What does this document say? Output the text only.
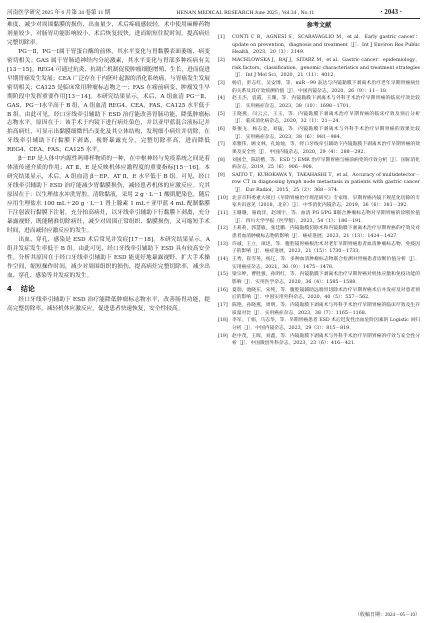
河南医学研究 2025 年 6 月第 34 卷第 11 期	HENAN MEDICAL RESEARCH June 2025 , Vol.34 , No.11	· 2043 ·

难度，减少对周围黏膜的损伤，出血量少，术后疼痛感较轻，术中使用麻醉药物剂量较少，对肠胃功能影响较小，术后恢复较快，进而缩短住院时间，提高病灶完整切除率。

PG－Ⅱ，PG－Ⅰ属于胃蛋白酶的前体，其水平变化与胃黏膜表面萎缩、病变密切相关；GAS 属于胃肠道神经内分泌激素，其水平变化与胃部多种疾病有关[13－15]。REG4 可通过抗炎、抗凋亡机制促使肿瘤细胞增殖、生长，进而促进早期胃癌发生发展；CEA 广泛存在于内胚叶起源的消化系统癌，与胃癌发生发展密切相关；CA125 是临床常用肿瘤标志物之一；FAS 在癌前病变、肿瘤发生早期阶段中发挥重要作用[13－14]。本研究结果显示，术后，A 组血清 PG－Ⅱ、GAS、PG－Ⅰ水平高于 B 组，A 组血清 REG4、CEA、FAS、CA125 水平低于 B 组。由此可见，经口牙线牵引辅助下 ESD 治疗能改善胃肠功能，降低肿瘤标志物水平。原因在于：该手术于内镜下进行病灶染色，并以亚甲蓝混合液标记并拍高病灶，可显示出黏膜细微凹凸变化及其立体结构，发现细小病灶并切除，在牙线牵引辅助下行黏膜下剥离，视野暴露充分，完整切除率高，进而降低 REG4、CEA、FAS、CA125 水平。

β－EP 是人体中内源性吗啡样物质的一种，在中枢神经与免疫系统之间是着体液传递介质的作用；AT Ⅱ、E 是反映机体应激程度的重要指标[15－16]。本研究结果显示，术后，A 组血清 β－EP、AT Ⅱ、E 水平低于 B 组。可见，经口牙线牵引辅助下 ESD 治疗能减少胃黏膜损伤，减轻患者机体的应激反应。究其原因在于：以生理盐水冲洗胃腔，清除黏液，采用 2 g · L－1 酸肌肥染色，随后应用生理盐水 100 mL＋20 g · L－1 肾上腺素 1 mL＋亚甲蓝 4 mL 配制黏膜下注射液行黏膜下注射，充分抬高病灶，以牙线牵引辅助下行黏膜下剥离，充分暴露视野，既能精准切除病灶，减少对周围正常组织、黏膜损伤，又可缩短手术时间，进而减轻应激反应的发生。

出血、穿孔、感染是 ESD 术后常见并发症[17－18]。本研究结果显示，A 组并发症发生率低于 B 组。由此可见，经口牙线牵引辅助下 ESD 具有较高安全性。分析其原因在于经口牙线牵引辅助下 ESD 能更好地暴露视野，扩大手术操作空间，缩短操作时间，减少对周围组织的损伤，提高病灶完整切除率，减少出血、穿孔、感染等并发症的发生。

4 结论

经口牙线牵引辅助下 ESD 治疗能降低肿瘤标志物水平，改善肠胃功能，提高完整切除率，减轻机体应激反应，促进患者快速恢复，安全性较高。

参考文献
[1]	CONTI C B，AGNESI S，SCARAVAGLIO M，et al．Early gastric cancer：update on prevention，diagnosis and treatment［J］．Int J Environ Res Public Health，2023，20（3）：2149．
[2]	MACHLOWSKA J，BAJ J，SITARZ M，et al．Gastric cancer：epidemiology，risk factors，classification，genomic characteristics and treatment strategies［J］．Int J Mol Sci，2020，21（11）：4012．
[3]	杨启，彭志红，吴安博，等．miR－99 表达与内镜黏膜下剥离术治疗老年早期胃癌病灶的关系及其疗效预测价值［J］．中国内镜杂志，2020，26（9）：11－18．
[4]	赵玉杰，袁霞，王珊，等．内镜黏膜下剥离术与外科手术治疗早期胃癌的临床疗效比较［J］．实用癌症杂志，2023，38（10）：1698－1701．
[5]	王晓燕，闫云云，王玉，等．内镜黏膜下剥离术治疗早期胃癌的临床疗效及预后分析［J］．临床消化病杂志，2020，32（1）：21－24．
[6]	蔡俊飞，杨志金，刘猛，等．内镜黏膜下剥离术与外科手术治疗早期胃癌的效果比较［J］．实用癌症杂志，2023，38（6）：981－984．
[7]	邓雅伟，顾文林，孔灿灿，等．经口牙线牵引辅助下内镜黏膜下剥离术治疗早期胃癌的效果及安全性［J］．中国内镜杂志，2020，29（4）：288－292．
[8]	刘国全，陈培楷，等．ESD 与 EMR 治疗早期胃癌与癌前病变的疗效分析［J］．国际消化病杂志，2019，25（6）：906－908．
[9]	SAITO T，KUROKAWA Y，TAKAHASHI T，et al．Accuracy of multidetector－row CT in diagnosing lymph node metastasis in patients with gastric cancer［J］．Eur Radiol，2015，25（2）：368－374．
[10] 北京市科委重大项目《早期胃癌治疗规范研究》专家组．早期胃癌内镜下规范化切除的专家共识意见（2018，北京）［J］．中华消化内镜杂志，2019，36（6）：381－392．
[11] 王珊珊，骆政洋，赵翊宇，等．血清 PG Ⅰ/PG Ⅱ联合肿瘤标志物对早期胃癌的诊断价值［J］．四川大学学报（医学版），2023，54（1）：186－191．
[12] 王莉莉，郭慧敏，张廷鹏．内镜黏膜切除术和内镜黏膜下剥离术治疗早期胃癌的疗效及对患者血清肿瘤标志物的影响［J］．癌症进展，2023，21（13）：1424－1427．
[13] 许诚，王立，项迅，等．腹腔镜胃癌根治术对老年早期胃癌患者血清肿瘤标志物、免疫因子的影响［J］．癌症进展，2023，21（15）：1730－1733．
[14] 王秀，崔雪英，杨辽，等．多种血清肿瘤标志物联合检测对胃癌患者诊断价值分析［J］．实用癌症杂志，2021，36（9）：1475－1478．
[15] 梁宗婷，曹胜强，孙明红，等．内镜黏膜下剥离术治疗早期胃癌对机体应激和免疫功能的影响［J］．实用医学杂志，2020，36（4）：1585－1588．
[16] 夏瑞，池晓东，宋纯，等．腹腔镜辅助远端胃切除术治疗早期胃癌术后并发症及对患者预后的影响［J］．中国实用外科杂志，2020，40（5）：557－562．
[17] 陈艳，孙晓燕，周明，等．内镜黏膜下剥离术与外科手术治疗早期胃癌的临床疗效及生存质量对比［J］．实用癌症杂志，2023，38（7）：1165－1168．
[18] 李军，丁娟，马志华，等．早期胃癌患者 ESD 术后迟发性出血危险因素的 Logistic 回归分析［J］．中国内镜杂志，2023，29（3）：815－819．
[19] 赵中茂，王晖，刘鑫，等．内镜黏膜下剥离术与外科手术治疗早期胃癌的疗效与安全性分析［J］．中国微创外科杂志，2023，23（6）：416－421．
（收稿日期：2024－05－10）
